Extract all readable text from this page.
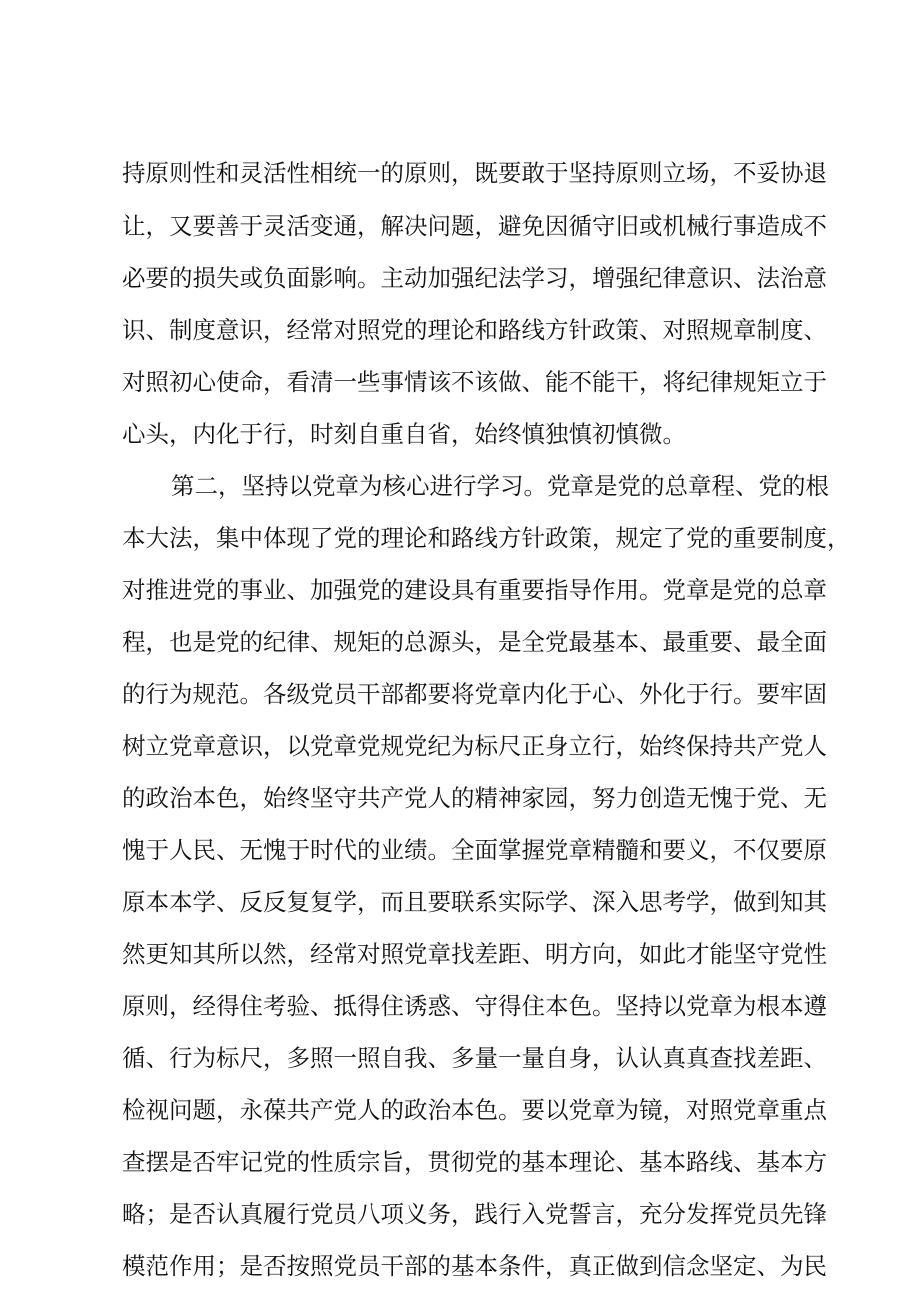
持原则性和灵活性相统一的原则，既要敢于坚持原则立场，不妥协退
让，又要善于灵活变通，解决问题，避免因循守旧或机械行事造成不
必要的损失或负面影响。主动加强纪法学习，增强纪律意识、法治意
识、制度意识，经常对照党的理论和路线方针政策、对照规章制度、
对照初心使命，看清一些事情该不该做、能不能干，将纪律规矩立于
心头，内化于行，时刻自重自省，始终慎独慎初慎微。
第二，坚持以党章为核心进行学习。党章是党的总章程、党的根
本大法，集中体现了党的理论和路线方针政策，规定了党的重要制度，
对推进党的事业、加强党的建设具有重要指导作用。党章是党的总章
程，也是党的纪律、规矩的总源头，是全党最基本、最重要、最全面
的行为规范。各级党员干部都要将党章内化于心、外化于行。要牢固
树立党章意识，以党章党规党纪为标尺正身立行，始终保持共产党人
的政治本色，始终坚守共产党人的精神家园，努力创造无愧于党、无
愧于人民、无愧于时代的业绩。全面掌握党章精髓和要义，不仅要原
原本本学、反反复复学，而且要联系实际学、深入思考学，做到知其
然更知其所以然，经常对照党章找差距、明方向，如此才能坚守党性
原则，经得住考验、抵得住诱惑、守得住本色。坚持以党章为根本遵
循、行为标尺，多照一照自我、多量一量自身，认认真真查找差距、
检视问题，永葆共产党人的政治本色。要以党章为镜，对照党章重点
查摆是否牢记党的性质宗旨，贯彻党的基本理论、基本路线、基本方
略；是否认真履行党员八项义务，践行入党誓言，充分发挥党员先锋
模范作用；是否按照党员干部的基本条件，真正做到信念坚定、为民
